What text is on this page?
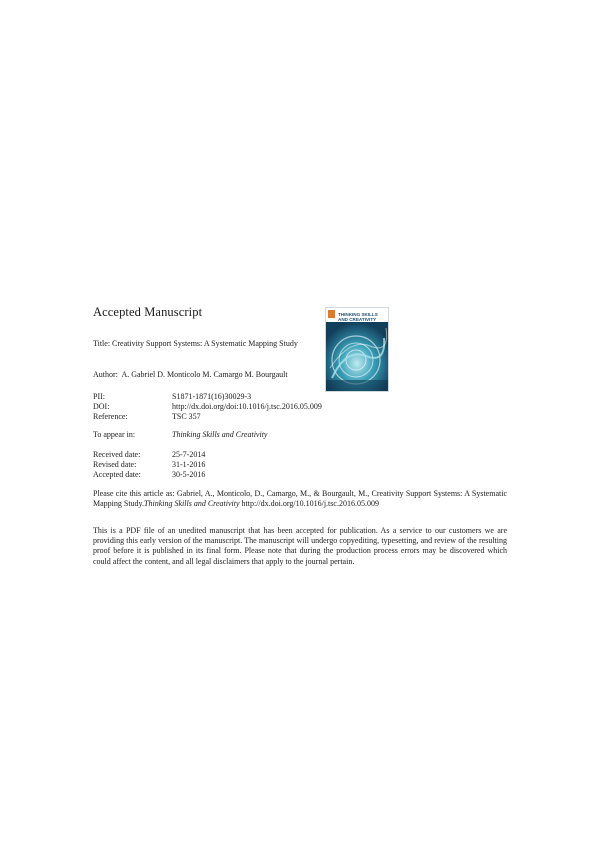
Accepted Manuscript	THINKING SKILLS
AND CREATIVITY
Title: Creativity Support Systems: A Systematic Mapping Study
Author: A. Gabriel D. Monticolo M. Camargo M. Bourgault
PII:	S1871-1871(16)30029-3
DOI:	http://dx.doi.org/doi:10.1016/j.tsc.2016.05.009
Reference:	TSC 357
To appear in:	Thinking Skills and Creativity
Received date:	25-7-2014
Revised date:	31-1-2016
Accepted date:	30-5-2016
Please cite this article as: Gabriel, A., Monticolo, D., Camargo, M., & Bourgault, M., Creativity Support Systems: A Systematic Mapping Study.Thinking Skills and Creativity http://dx.doi.org/10.1016/j.tsc.2016.05.009
This is a PDF file of an unedited manuscript that has been accepted for publication. As a service to our customers we are providing this early version of the manuscript. The manuscript will undergo copyediting, typesetting, and review of the resulting proof before it is published in its final form. Please note that during the production process errors may be discovered which could affect the content, and all legal disclaimers that apply to the journal pertain.
